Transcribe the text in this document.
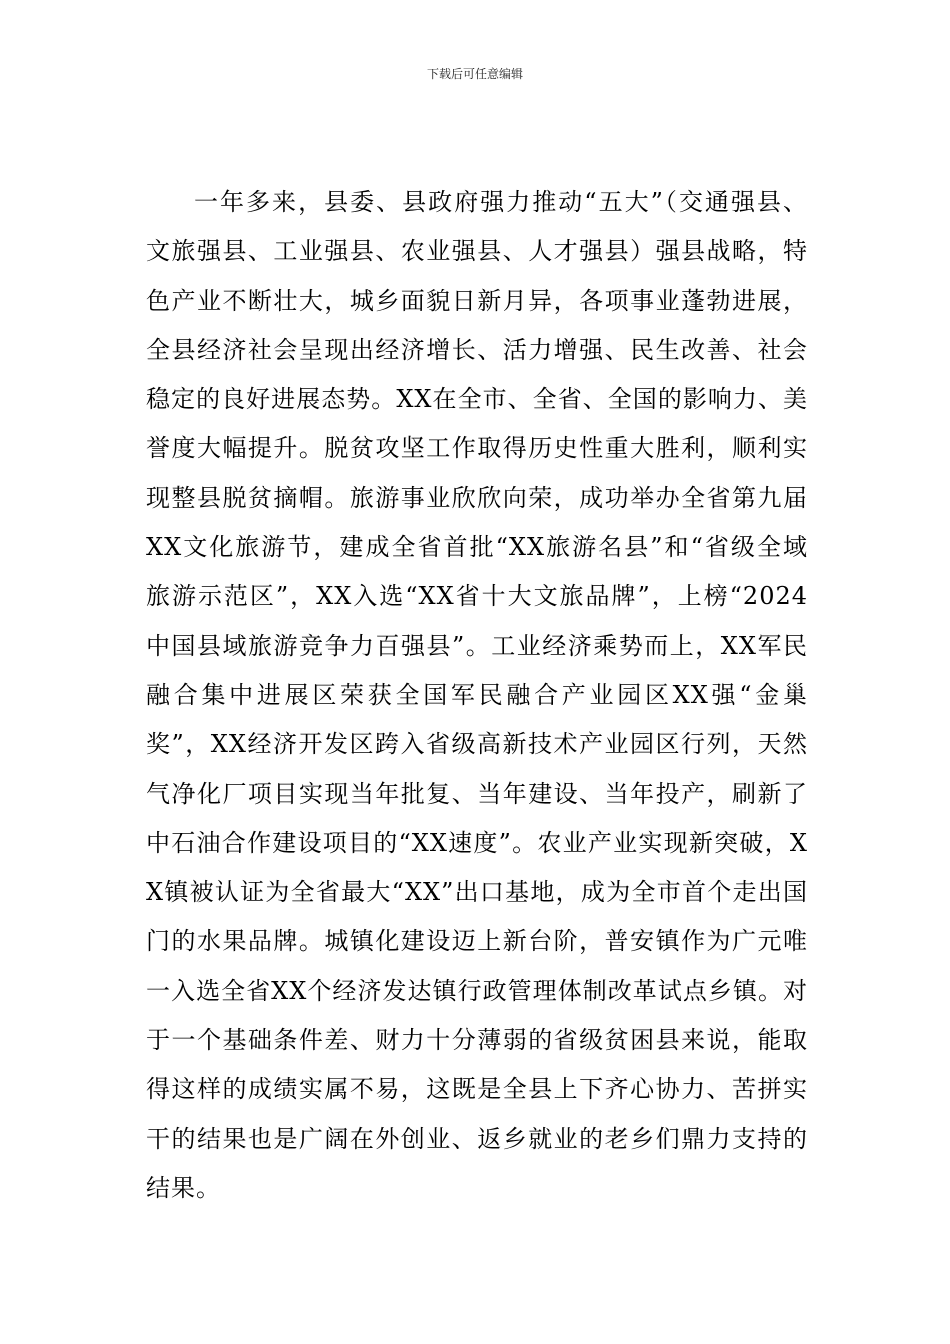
下载后可任意编辑

一年多来，县委、县政府强力推动“五大”（交通强县、文旅强县、工业强县、农业强县、人才强县）强县战略，特色产业不断壮大，城乡面貌日新月异，各项事业蓬勃进展，全县经济社会呈现出经济增长、活力增强、民生改善、社会稳定的良好进展态势。XX在全市、全省、全国的影响力、美誉度大幅提升。脱贫攻坚工作取得历史性重大胜利，顺利实现整县脱贫摘帽。旅游事业欣欣向荣，成功举办全省第九届XX文化旅游节，建成全省首批“XX旅游名县”和“省级全域旅游示范区”，XX入选“XX省十大文旅品牌”，上榜“2024中国县域旅游竞争力百强县”。工业经济乘势而上，XX军民融合集中进展区荣获全国军民融合产业园区XX强“金巢奖”，XX经济开发区跨入省级高新技术产业园区行列，天然气净化厂项目实现当年批复、当年建设、当年投产，刷新了中石油合作建设项目的“XX速度”。农业产业实现新突破，XX镇被认证为全省最大“XX”出口基地，成为全市首个走出国门的水果品牌。城镇化建设迈上新台阶，普安镇作为广元唯一入选全省XX个经济发达镇行政管理体制改革试点乡镇。对于一个基础条件差、财力十分薄弱的省级贫困县来说，能取得这样的成绩实属不易，这既是全县上下齐心协力、苦拼实干的结果也是广阔在外创业、返乡就业的老乡们鼎力支持的结果。
